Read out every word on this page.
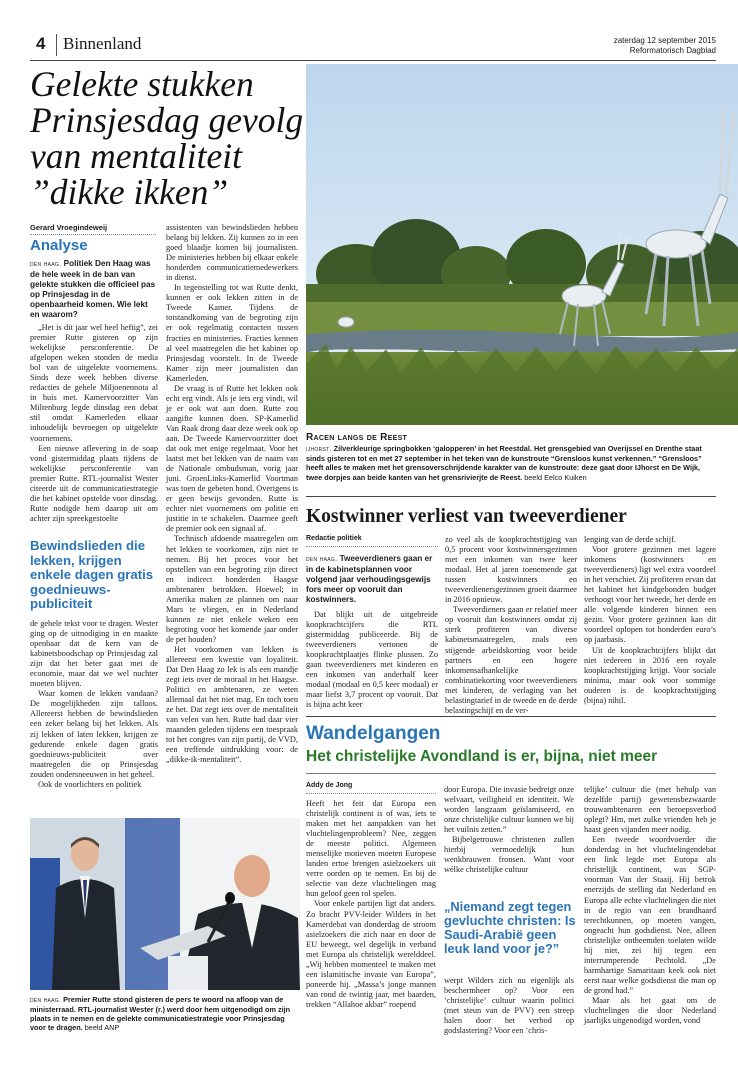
4 Binnenland	zaterdag 12 september 2015
Reformatorisch Dagblad
Gelekte stukken
Prinsjesdag gevolg
van mentaliteit
”dikke ikken”
Gerard Vroegindeweij
Analyse

den haag. Politiek Den Haag was de hele week in de ban van gelekte stukken die officieel pas op Prinsjesdag in de openbaarheid komen. Wie lekt en waarom?

„Het is dit jaar wel heel heftig”, zei premier Rutte gisteren op zijn wekelijkse persconferentie. De afgelopen weken stonden de media bol van de uitgelekte voornemens. Sinds deze week hebben diverse redacties de gehele Miljoenennota al in huis met. Kamervoorzitter Van Miltenburg legde dinsdag een debat stil omdat Kamerleden elkaar inhoudelijk bevroegen op uitgelekte voornemens.

Een nieuwe aflevering in de soap vond gistermiddag plaats tijdens de wekelijkse persconferentie van premier Rutte. RTL-journalist Wester citeerde uit de communicatiestrategie die het kabinet opstelde voor dinsdag. Rutte nodigde hem daarop uit om achter zijn spreekgestoelte

Bewindslieden die lekken, krijgen enkele dagen gratis goednieuws-publiciteit

de gehele tekst voor te dragen. Wester ging op de uitnodiging in en maakte openbaar dat de kern van de kabinetsboodschap op Prinsjesdag zal zijn dat het beter gaat met de economie, maar dat we wel nuchter moeten blijven.

Waar komen de lekken vandaan? De mogelijkheden zijn talloos. Allereerst hebben de bewindslieden een zeker belang bij het lekken. Als zij lekken of laten lekken, krijgen ze gedurende enkele dagen gratis goednieuws-publiciteit over maatregelen die op Prinsjesdag zouden ondersneeuwen in het geheel.

Ook de voorlichters en politiek

assistenten van bewindslieden hebben belang bij lekken. Zij kunnen zo in een goed blaadje komen bij journalisten. De ministeries hebben bij elkaar enkele honderden communicatiemedewerkers in dienst.

In tegenstelling tot wat Rutte denkt, kunnen er ook lekken zitten in de Tweede Kamer. Tijdens de totstandkoming van de begroting zijn er ook regelmatig contacten tussen fracties en ministeries. Fracties kennen al veel maatregelen die het kabinet op Prinsjesdag voorstelt. In de Tweede Kamer zijn meer journalisten dan Kamerleden.

De vraag is of Rutte het lekken ook echt erg vindt. Als je iets erg vindt, wil je er ook wat aan doen. Rutte zou aangifte kunnen doen. SP-Kamerlid Van Raak drong daar deze week ook op aan. De Tweede Kamervoorzitter doet dat ook met enige regelmaat. Voor het laatst met het lekken van de naam van de Nationale ombudsman, vorig jaar juni. GroenLinks-Kamerlid Voortman was toen de gebeten hond. Overigens is er geen bewijs gevonden. Rutte is echter niet voornemens om politie en justitie in te schakelen. Daarmee geeft de premier ook een signaal af.

Technisch afdoende maatregelen om het lekken te voorkomen, zijn niet te nemen. Bij het proces voor het opstellen van een begroting zijn direct en indirect honderden Haagse ambtenaren betrokken. Hoewel; in Amerika maken ze plannen om naar Mars te vliegen, en in Nederland kunnen ze niet enkele weken een begroting voor het komende jaar onder de pet houden?

Het voorkomen van lekken is allereerst een kwestie van loyaliteit. Dat Den Haag zo lek is als een mandje zegt iets over de moraal in het Haagse. Politici en ambtenaren, ze weten allemaal dat het niet mag. En toch toen ze het. Dat zegt iets over de mentaliteit van velen van hen. Rutte had daar vier maanden geleden tijdens een toespraak tot het congres van zijn partij, de VVD, een treffende uitdrukking voor: de „dikke-ik-mentaliteit”.

den haag. Premier Rutte stond gisteren de pers te woord na afloop van de ministerraad. RTL-journalist Wester (r.) werd door hem uitgenodigd om zijn plaats in te nemen en de gelekte communicatiestrategie voor Prinsjesdag voor te dragen. beeld ANP
Racen langs de Reest
ijhorst. Zilverkleurige springbokken ‘galopperen’ in het Reestdal. Het grensgebied van Overijssel en Drenthe staat sinds gisteren tot en met 27 september in het teken van de kunstroute “Grensloos kunst verkennen.” “Grensloos” heeft alles te maken met het grensoverschrijdende karakter van de kunstroute: deze gaat door IJhorst en De Wijk, twee dorpjes aan beide kanten van het grensrivierjte de Reest. beeld Eelco Kuiken
Kostwinner verliest van tweeverdiener
Redactie politiek

den haag. Tweeverdieners gaan er in de kabinetsplannen voor volgend jaar verhoudingsgewijs fors meer op vooruit dan kostwinners.

Dat blijkt uit de uitgebreide koopkrachtcijfers die RTL gistermiddag publiceerde. Bij de tweeverdieners vertonen de koopkrachtplaatjes flinke plussen. Zo gaan tweeverdieners met kinderen en een inkomen van anderhalf keer modaal (modaal en 0,5 keer modaal) er maar liefst 3,7 procent op vooruit. Dat is bijna acht keer

zo veel als de koopkrachtstijging van 0,5 procent voor kostwinnersgezinnen met een inkomen van twee keer modaal. Het al jaren toenemende gat tussen kostwinners en tweeverdienersgezinnen groeit daarmee in 2016 opnieuw.

Tweeverdieners gaan er relatief meer op vooruit dan kostwinners omdat zij sterk profiteren van diverse kabinetsmaatregelen, zoals een stijgende arbeidskorting voor beide partners en een hogere inkomensafhankelijke combinatiekorting voor tweeverdieners met kinderen, de verlaging van het belastingtarief in de tweede en de derde belastingschijf en de ver-

lenging van de derde schijf.

Voor grotere gezinnen met lagere inkomens (kostwinners en tweeverdieners) ligt wel extra voordeel in het verschiet. Zij profiteren ervan dat het kabinet het kindgebonden budget verhoogt voor het tweede, het derde en alle volgende kinderen binnen een gezin. Voor grotere gezinnen kan dit voordeel oplopen tot honderden euro’s op jaarbasis.

Uit de koopkrachtcijfers blijkt dat niet iedereen in 2016 een royale koopkrachtstijging krijgt. Voor sociale minima, maar ook voor sommige ouderen is de koopkrachtstijging (bijna) nihil.

Wandelgangen
Het christelijke Avondland is er, bijna, niet meer
Addy de Jong

Heeft het feit dat Europa een christelijk continent is of was, iets te maken met het aanpakken van het vluchtelingenprobleem? Nee, zeggen de meeste politici. Algemeen menselijke motieven moeten Europese landen ertoe brengen asielzoekers uit verre oorden op te nemen. En bij de selectie van deze vluchtelingen mag hun geloof geen rol spelen.

Voor enkele partijen ligt dat anders. Zo bracht PVV-leider Wilders in het Kamerdebat van donderdag de stroom asielzoekers die zich naar en door de EU beweegt, wel degelijk in verband met Europa als christelijk werelddeel. „Wij hebben momenteel te maken met een islamitische invasie van Europa”, poneerde hij. „Massa’s jonge mannen van rond de twintig jaar, met baarden, trekken “Allahoe akbar” roepend

door Europa. Die invasie bedreigt onze welvaart, veiligheid en identiteit. We worden langzaam geïslamiseerd, en onze christelijke cultuur kunnen we bij het vuilnis zetten.”

Bijbelgetrouwe christenen zullen hierbij vermoedelijk hun wenkbrauwen fronsen. Want voor wélke christelijke cultuur

„Niemand zegt tegen gevluchte christen: Is Saudi-Arabië geen leuk land voor je?”

werpt Wilders zich nu eigenlijk als beschermheer op? Voor een ‘christelijke’ cultuur waarin politici (met steun van de PVV) een streep halen door het verbod op godslastering? Voor een ‘chris-

telijke’ cultuur die (met behulp van dezelfde partij) gewetensbezwaarde trouwambtenaren een beroepsverbod oplegt? Hm, met zulke vrienden heb je haast geen vijanden meer nodig.

Een tweede woordvoerder die donderdag in het vluchtelingendebat een link legde met Europa als christelijk continent, was SGP-voorman Van der Staaij. Hij betrok enerzijds de stelling dat Nederland en Europa alle echte vluchtelingen die niet in de regio van een brandhaard terechtkunnen, op moeten vangen, ongeacht hun godsdienst. Nee, alleen christelijke ontheemden toelaten wilde hij niet, zei hij tegen een interrumperende Pechtold. „De barmhartige Samaritaan keek ook niet eerst naar welke godsdienst die man op de grond had.”

Maar als het gaat om de vluchtelingen die door Nederland jaarlijks uitgenodigd worden, vond
